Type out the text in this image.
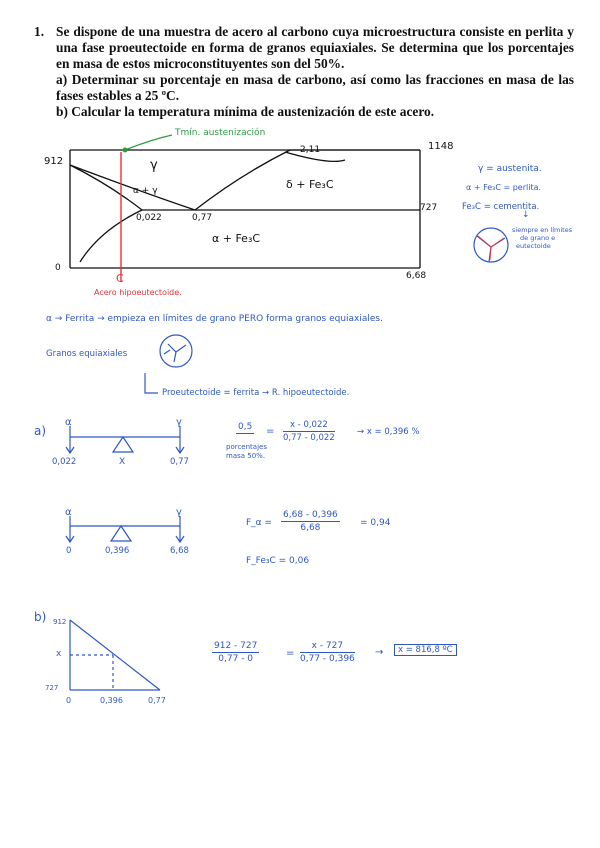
1. Se dispone de una muestra de acero al carbono cuya microestructura consiste en perlita y una fase proeutectoide en forma de granos equiaxiales. Se determina que los porcentajes en masa de estos microconstituyentes son del 50%.

a) Determinar su porcentaje en masa de carbono, así como las fracciones en masa de las fases estables a 25 ºC.

b) Calcular la temperatura mínima de austenización de este acero.

912
1148
727
2,11
0,022	0,77
6,68
0
C
Acero hipoeutectoide.
Tmín. austenización
γ
α + γ	δ + Fe₃C
α + Fe₃C
γ = austenita.
α + Fe₃C = perlita.
Fe₃C = cementita.
↓
siempre en límites
de grano e
eutectoide
α → Ferrita → empieza en límites de grano PERO forma granos equiaxiales.
Granos equiaxiales
Proeutectoide = ferrita → R. hipoeutectoide.
a)
α	γ
0,022	X	0,77
0,5
porcentajes
masa 50%.
= $\frac{x - 0,022}{0,77 - 0,022}$	→ x = 0,396 %
α	γ
0	0,396	6,68
F_α = $\frac{6,68 - 0,396}{6,68} = 0,94$
F_Fe₃C = 0,06
b) 912
x
727
0	0,396	0,77
$\frac{912 - 727}{0,77 - 0}$	= $\frac{x - 727}{0,77 - 0,396}$ →	x = 816,8 ºC
